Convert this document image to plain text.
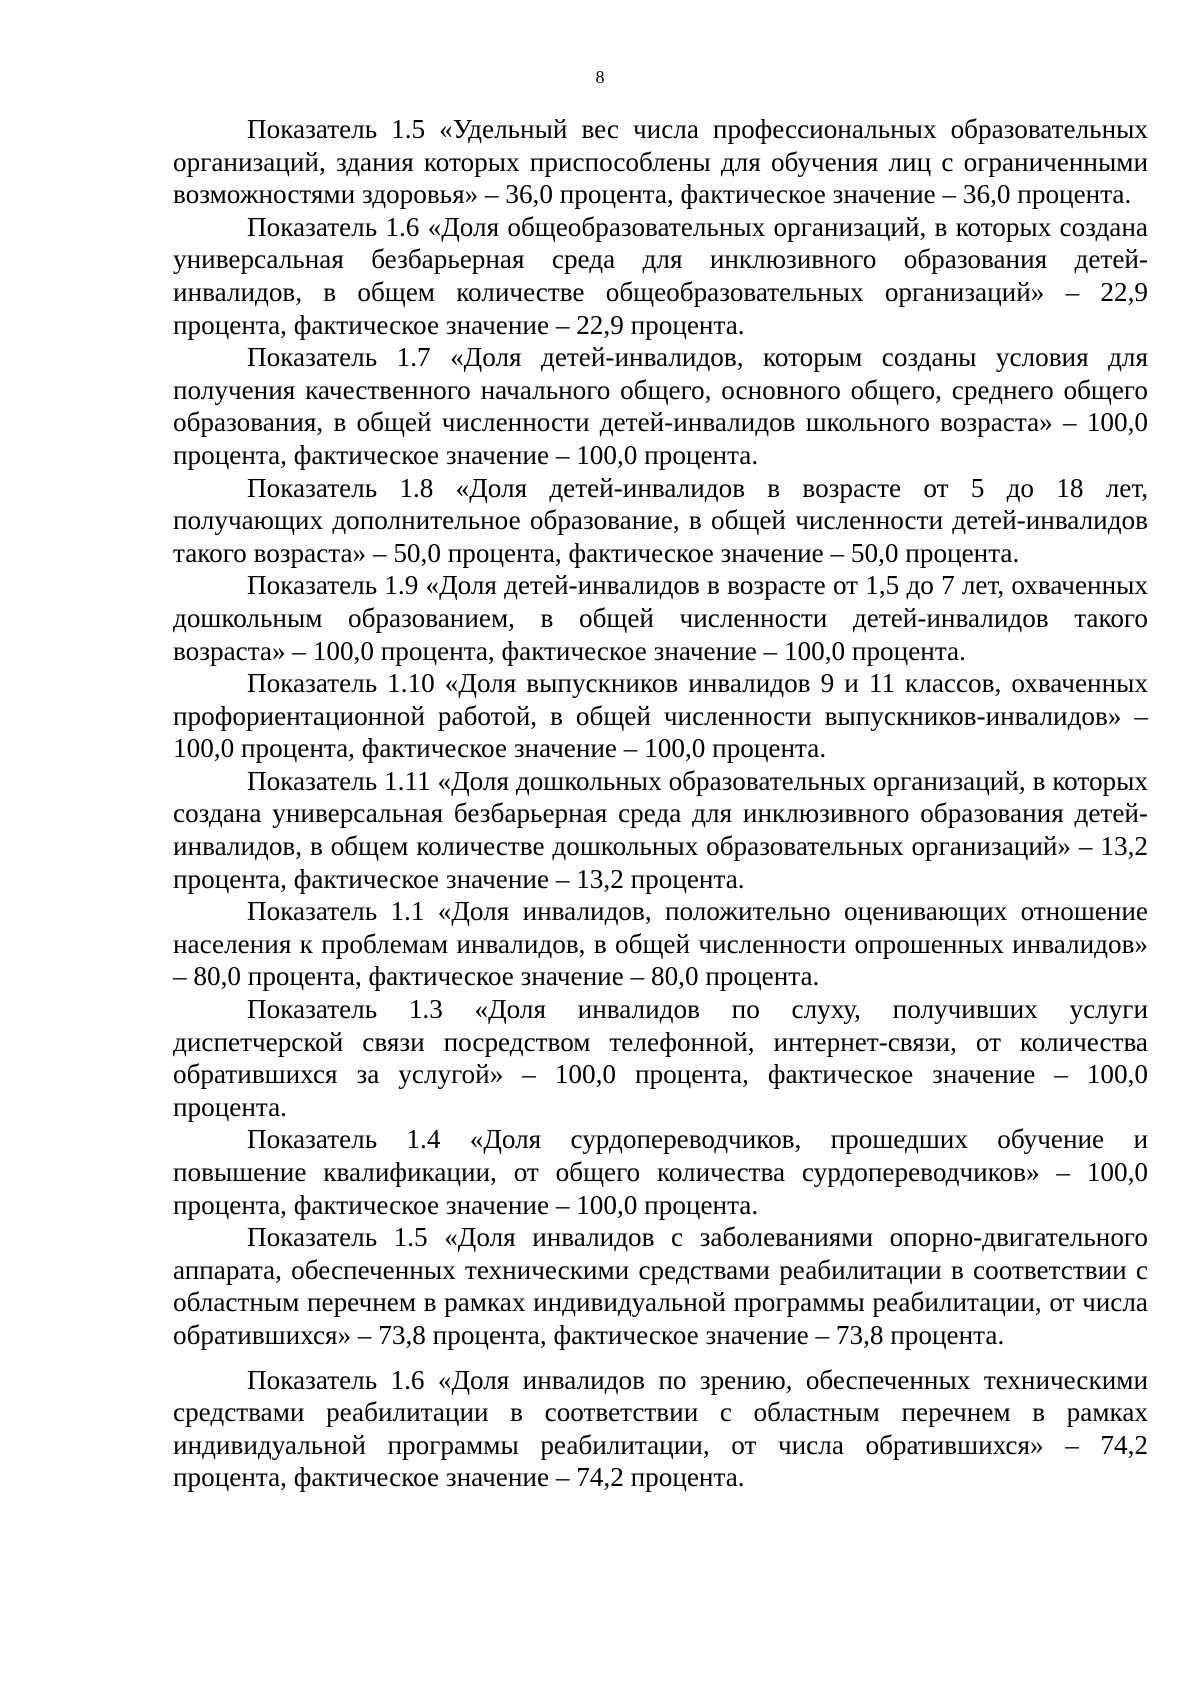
8

Показатель 1.5 «Удельный вес числа профессиональных образовательных организаций, здания которых приспособлены для обучения лиц с ограниченными возможностями здоровья» – 36,0 процента, фактическое значение – 36,0 процента.

Показатель 1.6 «Доля общеобразовательных организаций, в которых создана универсальная безбарьерная среда для инклюзивного образования детей-инвалидов, в общем количестве общеобразовательных организаций» – 22,9 процента, фактическое значение – 22,9 процента.

Показатель 1.7 «Доля детей-инвалидов, которым созданы условия для получения качественного начального общего, основного общего, среднего общего образования, в общей численности детей-инвалидов школьного возраста» – 100,0 процента, фактическое значение – 100,0 процента.

Показатель 1.8 «Доля детей-инвалидов в возрасте от 5 до 18 лет, получающих дополнительное образование, в общей численности детей-инвалидов такого возраста» – 50,0 процента, фактическое значение – 50,0 процента.

Показатель 1.9 «Доля детей-инвалидов в возрасте от 1,5 до 7 лет, охваченных дошкольным образованием, в общей численности детей-инвалидов такого возраста» – 100,0 процента, фактическое значение – 100,0 процента.

Показатель 1.10 «Доля выпускников инвалидов 9 и 11 классов, охваченных профориентационной работой, в общей численности выпускников-инвалидов» – 100,0 процента, фактическое значение – 100,0 процента.

Показатель 1.11 «Доля дошкольных образовательных организаций, в которых создана универсальная безбарьерная среда для инклюзивного образования детей-инвалидов, в общем количестве дошкольных образовательных организаций» – 13,2 процента, фактическое значение – 13,2 процента.

Показатель 1.1 «Доля инвалидов, положительно оценивающих отношение населения к проблемам инвалидов, в общей численности опрошенных инвалидов» – 80,0 процента, фактическое значение – 80,0 процента.

Показатель 1.3 «Доля инвалидов по слуху, получивших услуги диспетчерской связи посредством телефонной, интернет-связи, от количества обратившихся за услугой» – 100,0 процента, фактическое значение – 100,0 процента.

Показатель 1.4 «Доля сурдопереводчиков, прошедших обучение и повышение квалификации, от общего количества сурдопереводчиков» – 100,0 процента, фактическое значение – 100,0 процента.

Показатель 1.5 «Доля инвалидов с заболеваниями опорно-двигательного аппарата, обеспеченных техническими средствами реабилитации в соответствии с областным перечнем в рамках индивидуальной программы реабилитации, от числа обратившихся» – 73,8 процента, фактическое значение – 73,8 процента.

Показатель 1.6 «Доля инвалидов по зрению, обеспеченных техническими средствами реабилитации в соответствии с областным перечнем в рамках индивидуальной программы реабилитации, от числа обратившихся» – 74,2 процента, фактическое значение – 74,2 процента.
